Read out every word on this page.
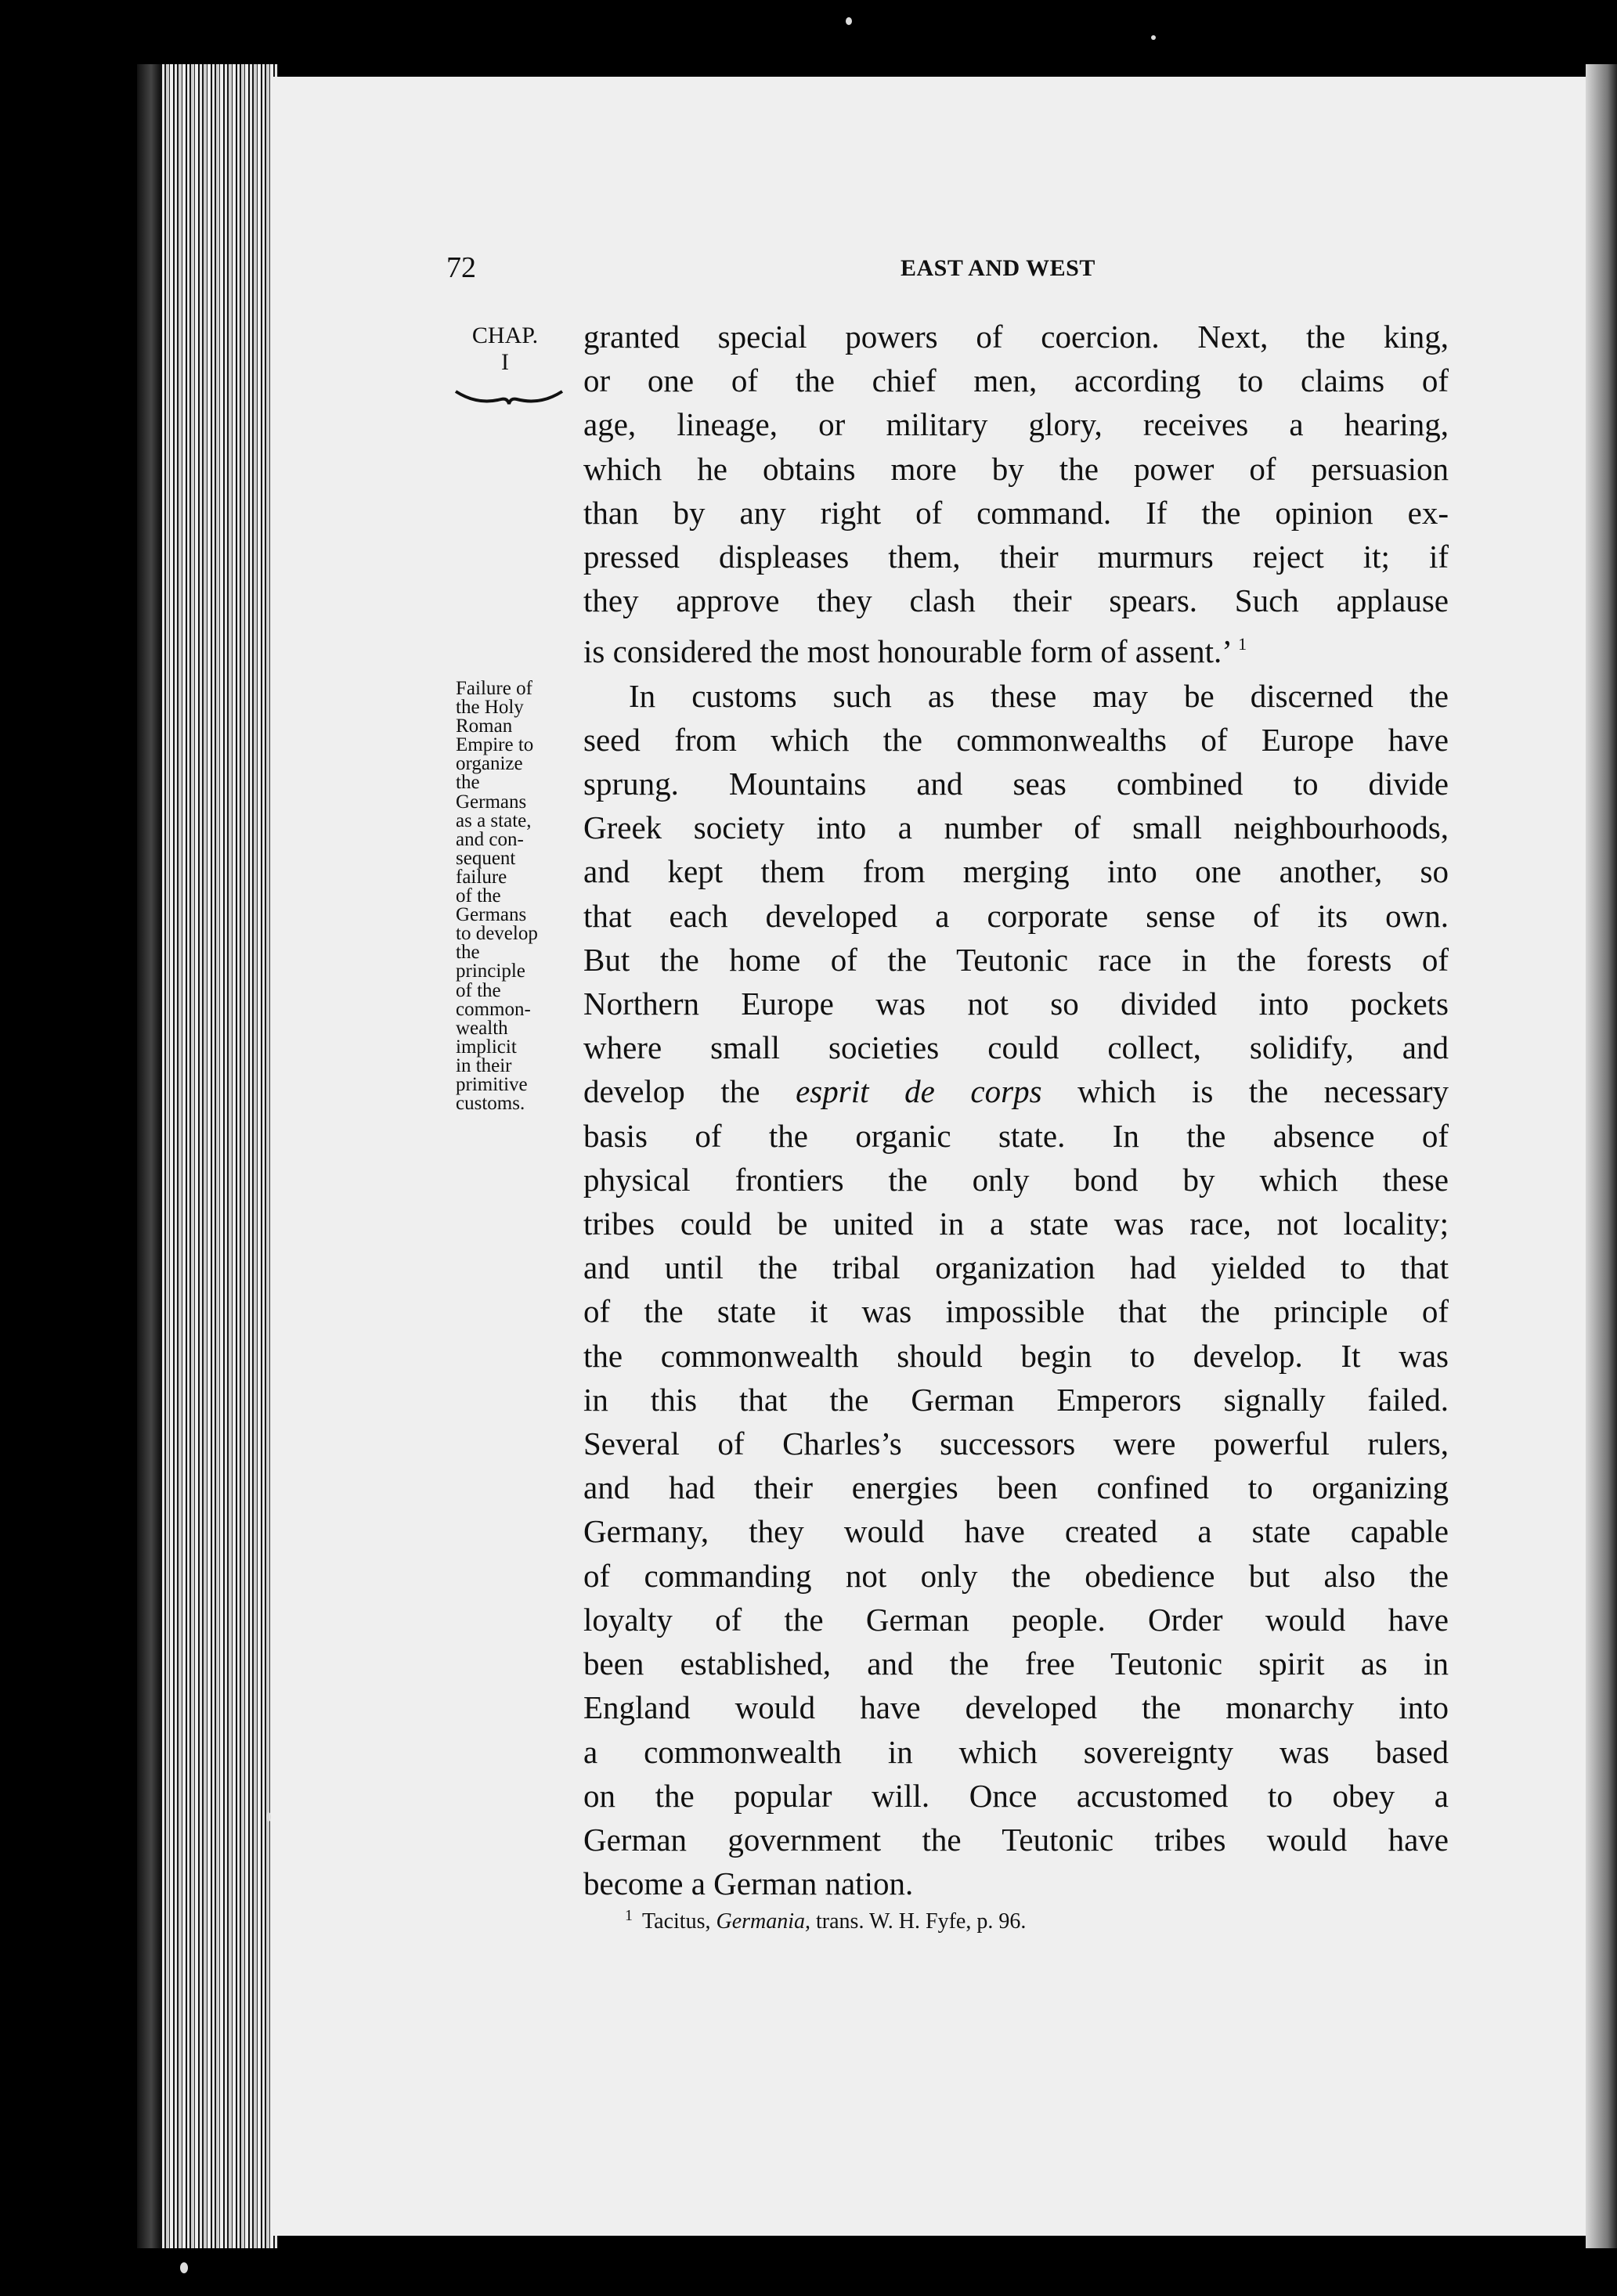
72	EAST AND WEST
CHAP.
I
Failure of
the Holy
Roman
Empire to
organize
the
Germans
as a state,
and con-
sequent
failure
of the
Germans
to develop
the
principle
of the
common-
wealth
implicit
in their
primitive
customs.
granted special powers of coercion. Next, the king,
or one of the chief men, according to claims of
age, lineage, or military glory, receives a hearing,
which he obtains more by the power of persuasion
than by any right of command. If the opinion ex-
pressed displeases them, their murmurs reject it; if
they approve they clash their spears. Such applause
is considered the most honourable form of assent.’ $^1$
In customs such as these may be discerned the
seed from which the commonwealths of Europe have
sprung. Mountains and seas combined to divide
Greek society into a number of small neighbourhoods,
and kept them from merging into one another, so
that each developed a corporate sense of its own.
But the home of the Teutonic race in the forests of
Northern Europe was not so divided into pockets
where small societies could collect, solidify, and
develop the esprit de corps which is the necessary
basis of the organic state. In the absence of
physical frontiers the only bond by which these
tribes could be united in a state was race, not locality;
and until the tribal organization had yielded to that
of the state it was impossible that the principle of
the commonwealth should begin to develop. It was
in this that the German Emperors signally failed.
Several of Charles’s successors were powerful rulers,
and had their energies been confined to organizing
Germany, they would have created a state capable
of commanding not only the obedience but also the
loyalty of the German people. Order would have
been established, and the free Teutonic spirit as in
England would have developed the monarchy into
a commonwealth in which sovereignty was based
on the popular will. Once accustomed to obey a
German government the Teutonic tribes would have
become a German nation.
$^1$ Tacitus, Germania, trans. W. H. Fyfe, p. 96.
